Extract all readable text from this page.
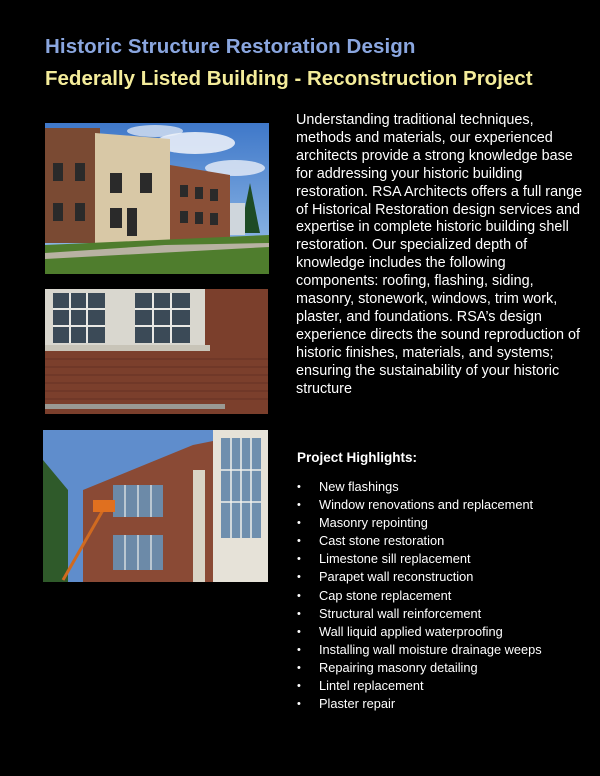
Historic Structure Restoration Design
Federally Listed Building - Reconstruction Project
Understanding traditional techniques, methods and materials, our experienced architects provide a strong knowledge base for addressing your historic building restoration. RSA Architects offers a full range of Historical Restoration design services and expertise in complete historic building shell
restoration. Our specialized depth of knowledge includes the following components: roofing, flashing, siding, masonry, stonework, windows, trim work, plaster, and foundations. RSA’s design experience directs the sound reproduction of historic finishes, materials, and systems; ensuring the sustainability of your historic structure
Project Highlights:
• New flashings
• Window renovations and replacement
• Masonry repointing
• Cast stone restoration
• Limestone sill replacement
• Parapet wall reconstruction
• Cap stone replacement
• Structural wall reinforcement
• Wall liquid applied waterproofing
• Installing wall moisture drainage weeps
• Repairing masonry detailing
• Lintel replacement
• Plaster repair
